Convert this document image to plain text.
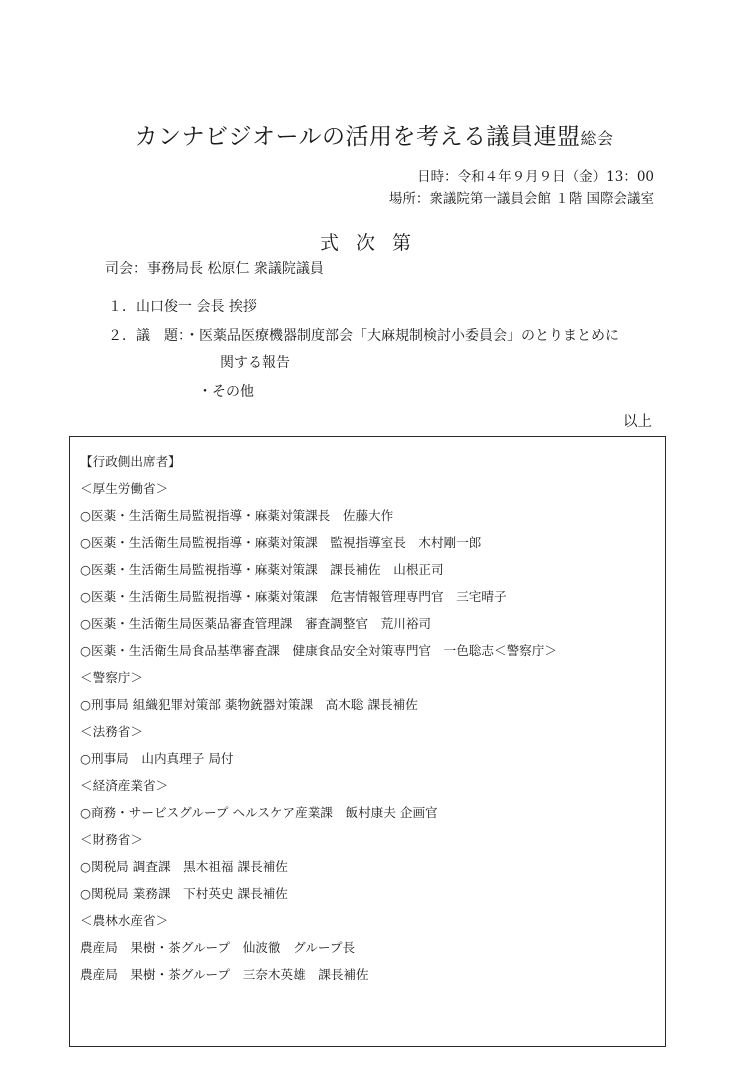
カンナビジオールの活用を考える議員連盟総会
日時：令和４年９月９日（金）13：00
場所：衆議院第一議員会館 １階 国際会議室
式次第
司会：事務局長 松原仁 衆議院議員
１．山口俊一 会長 挨拶
２．議　題：・医薬品医療機器制度部会「大麻規制検討小委員会」のとりまとめに
関する報告
・その他
以上
【行政側出席者】
＜厚生労働省＞
○医薬・生活衛生局監視指導・麻薬対策課長　佐藤大作
○医薬・生活衛生局監視指導・麻薬対策課　監視指導室長　木村剛一郎
○医薬・生活衛生局監視指導・麻薬対策課　課長補佐　山根正司
○医薬・生活衛生局監視指導・麻薬対策課　危害情報管理専門官　三宅晴子
○医薬・生活衛生局医薬品審査管理課　審査調整官　荒川裕司
○医薬・生活衛生局食品基準審査課　健康食品安全対策専門官　一色聡志＜警察庁＞
＜警察庁＞
○刑事局 組織犯罪対策部 薬物銃器対策課　高木聡 課長補佐
＜法務省＞
○刑事局　山内真理子 局付
＜経済産業省＞
○商務・サービスグループ ヘルスケア産業課　飯村康夫 企画官
＜財務省＞
○関税局 調査課　黒木祖福 課長補佐
○関税局 業務課　下村英史 課長補佐
＜農林水産省＞
農産局　果樹・茶グループ　仙波徹　グループ長
農産局　果樹・茶グループ　三奈木英雄　課長補佐
